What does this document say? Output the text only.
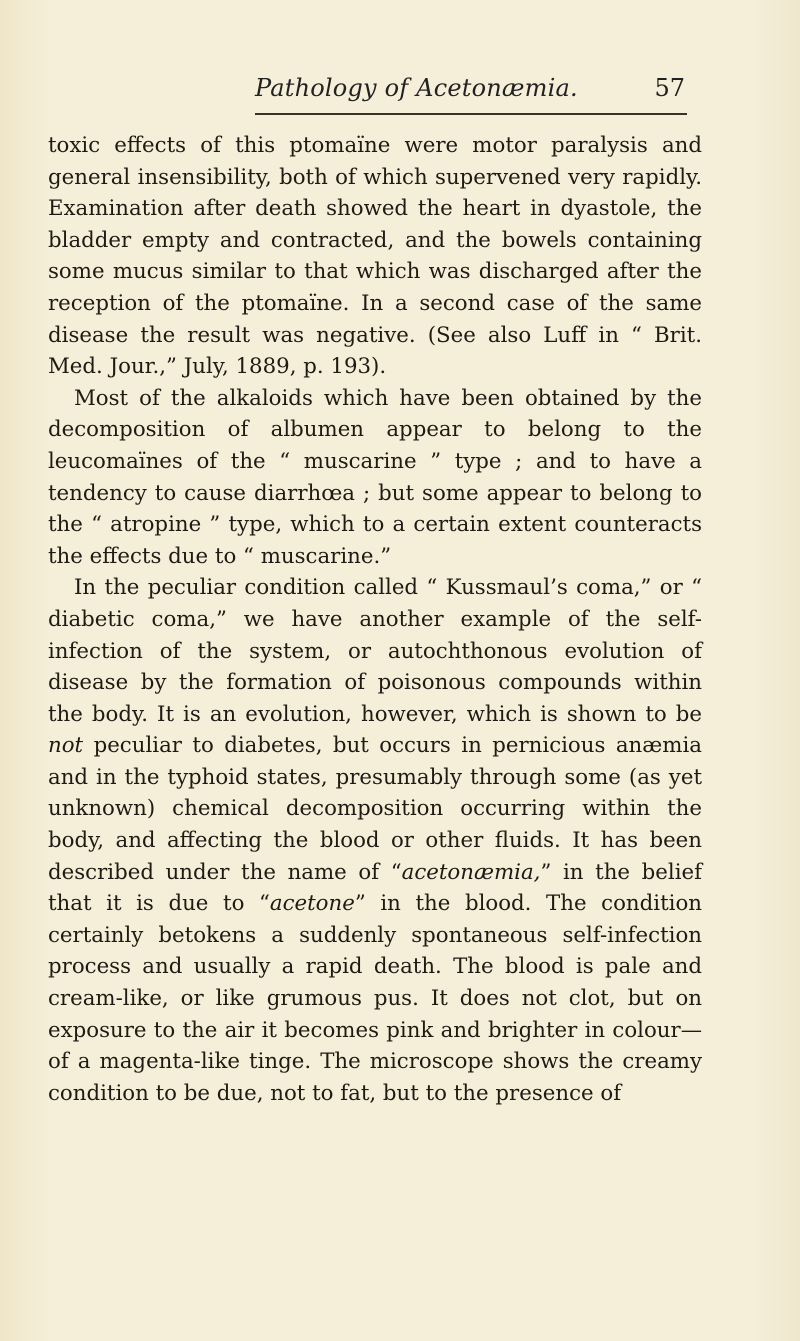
Pathology of Acetonæmia.	57

toxic effects of this ptomaïne were motor paralysis and general insensibility, both of which supervened very rapidly. Examination after death showed the heart in dyastole, the bladder empty and contracted, and the bowels containing some mucus similar to that which was discharged after the reception of the ptomaïne. In a second case of the same disease the result was negative. (See also Luff in “ Brit. Med. Jour.,” July, 1889, p. 193).

Most of the alkaloids which have been obtained by the decomposition of albumen appear to belong to the leucomaïnes of the “ muscarine ” type ; and to have a tendency to cause diarrhœa ; but some appear to belong to the “ atropine ” type, which to a certain extent counteracts the effects due to “ muscarine.”

In the peculiar condition called “ Kussmaul’s coma,” or “ diabetic coma,” we have another example of the self-infection of the system, or autochthonous evolution of disease by the formation of poisonous compounds within the body. It is an evolution, however, which is shown to be not peculiar to diabetes, but occurs in pernicious anæmia and in the typhoid states, presumably through some (as yet unknown) chemical decomposition occurring within the body, and affecting the blood or other fluids. It has been described under the name of “acetonæmia,” in the belief that it is due to “acetone” in the blood. The condition certainly betokens a suddenly spontaneous self-infection process and usually a rapid death. The blood is pale and cream-like, or like grumous pus. It does not clot, but on exposure to the air it becomes pink and brighter in colour—of a magenta-like tinge. The microscope shows the creamy condition to be due, not to fat, but to the presence of
